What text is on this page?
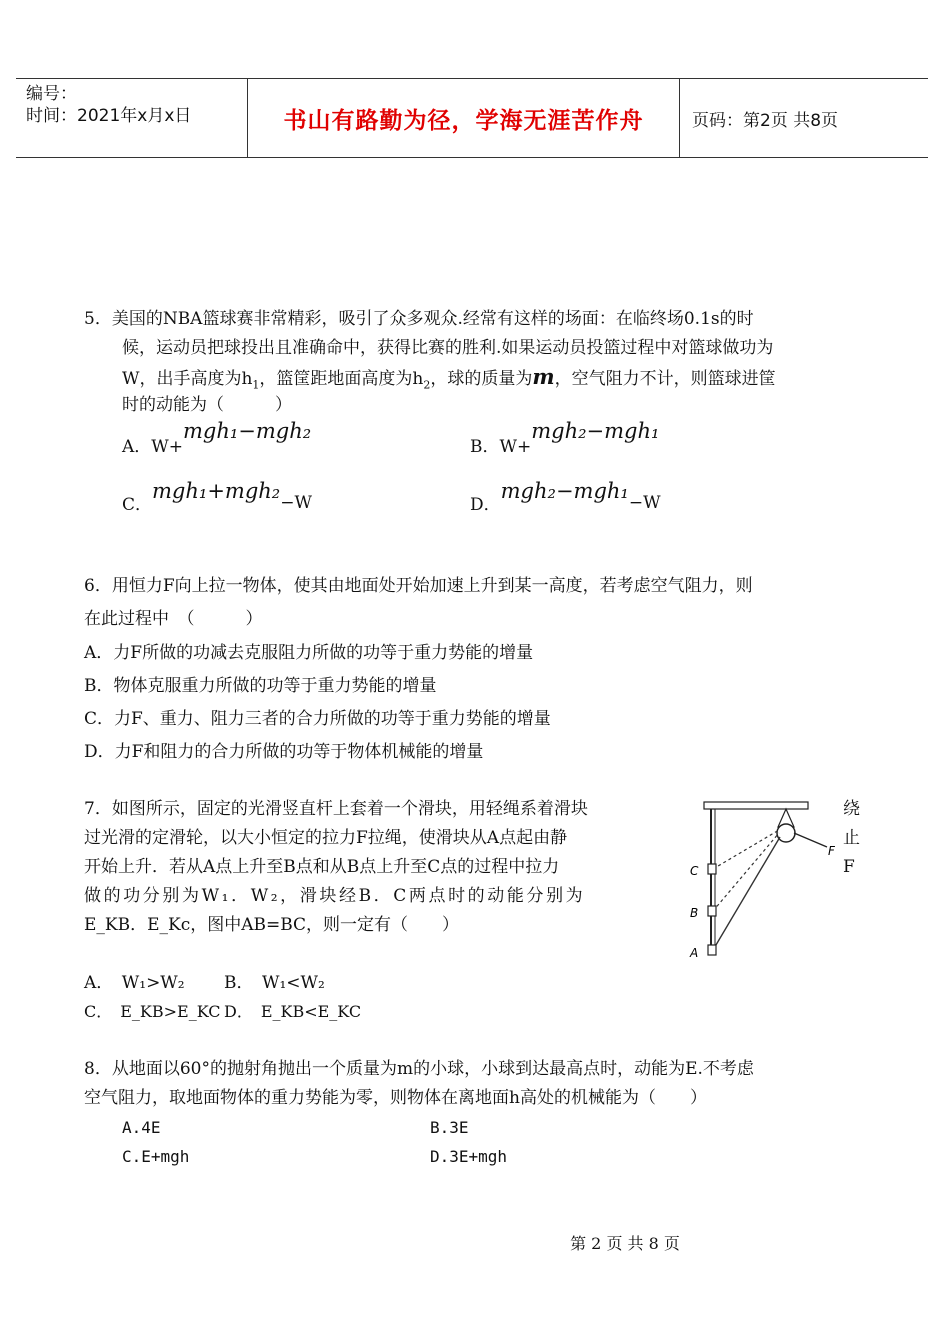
编号：
时间：2021年x月x日	书山有路勤为径，学海无涯苦作舟	页码：第2页 共8页
5．美国的NBA篮球赛非常精彩，吸引了众多观众.经常有这样的场面：在临终场0.1s的时
候，运动员把球投出且准确命中，获得比赛的胜利.如果运动员投篮过程中对篮球做功为
W，出手高度为$h_1$，篮筐距地面高度为$h_2$，球的质量为m，空气阻力不计，则篮球进筐
时的动能为（　　　）
A．W+mgh₁−mgh₂
B．W+mgh₂−mgh₁
C．mgh₁+mgh₂−W	D．mgh₂−mgh₁−W
6．用恒力F向上拉一物体，使其由地面处开始加速上升到某一高度，若考虑空气阻力，则
在此过程中　（　　　）
A．力F所做的功减去克服阻力所做的功等于重力势能的增量
B．物体克服重力所做的功等于重力势能的增量
C．力F、重力、阻力三者的合力所做的功等于重力势能的增量
D．力F和阻力的合力所做的功等于物体机械能的增量
7．如图所示，固定的光滑竖直杆上套着一个滑块，用轻绳系着滑块	绕
过光滑的定滑轮，以大小恒定的拉力F拉绳，使滑块从A点起由静	止
开始上升．若从A点上升至B点和从B点上升至C点的过程中拉力	F
做的功分别为W₁．W₂，滑块经B．C两点时的动能分别为
E_KB．E_Kc，图中AB=BC，则一定有（　　）
A．　W₁>W₂ B．　W₁<W₂
C．　E_KB>E_KC D．　E_KB<E_KC
C
B
A
F
8．从地面以60°的抛射角抛出一个质量为m的小球，小球到达最高点时，动能为E.不考虑
空气阻力，取地面物体的重力势能为零，则物体在离地面h高处的机械能为（　　）
A.4E	B.3E
C.E+mgh	D.3E+mgh
第 2 页 共 8 页
